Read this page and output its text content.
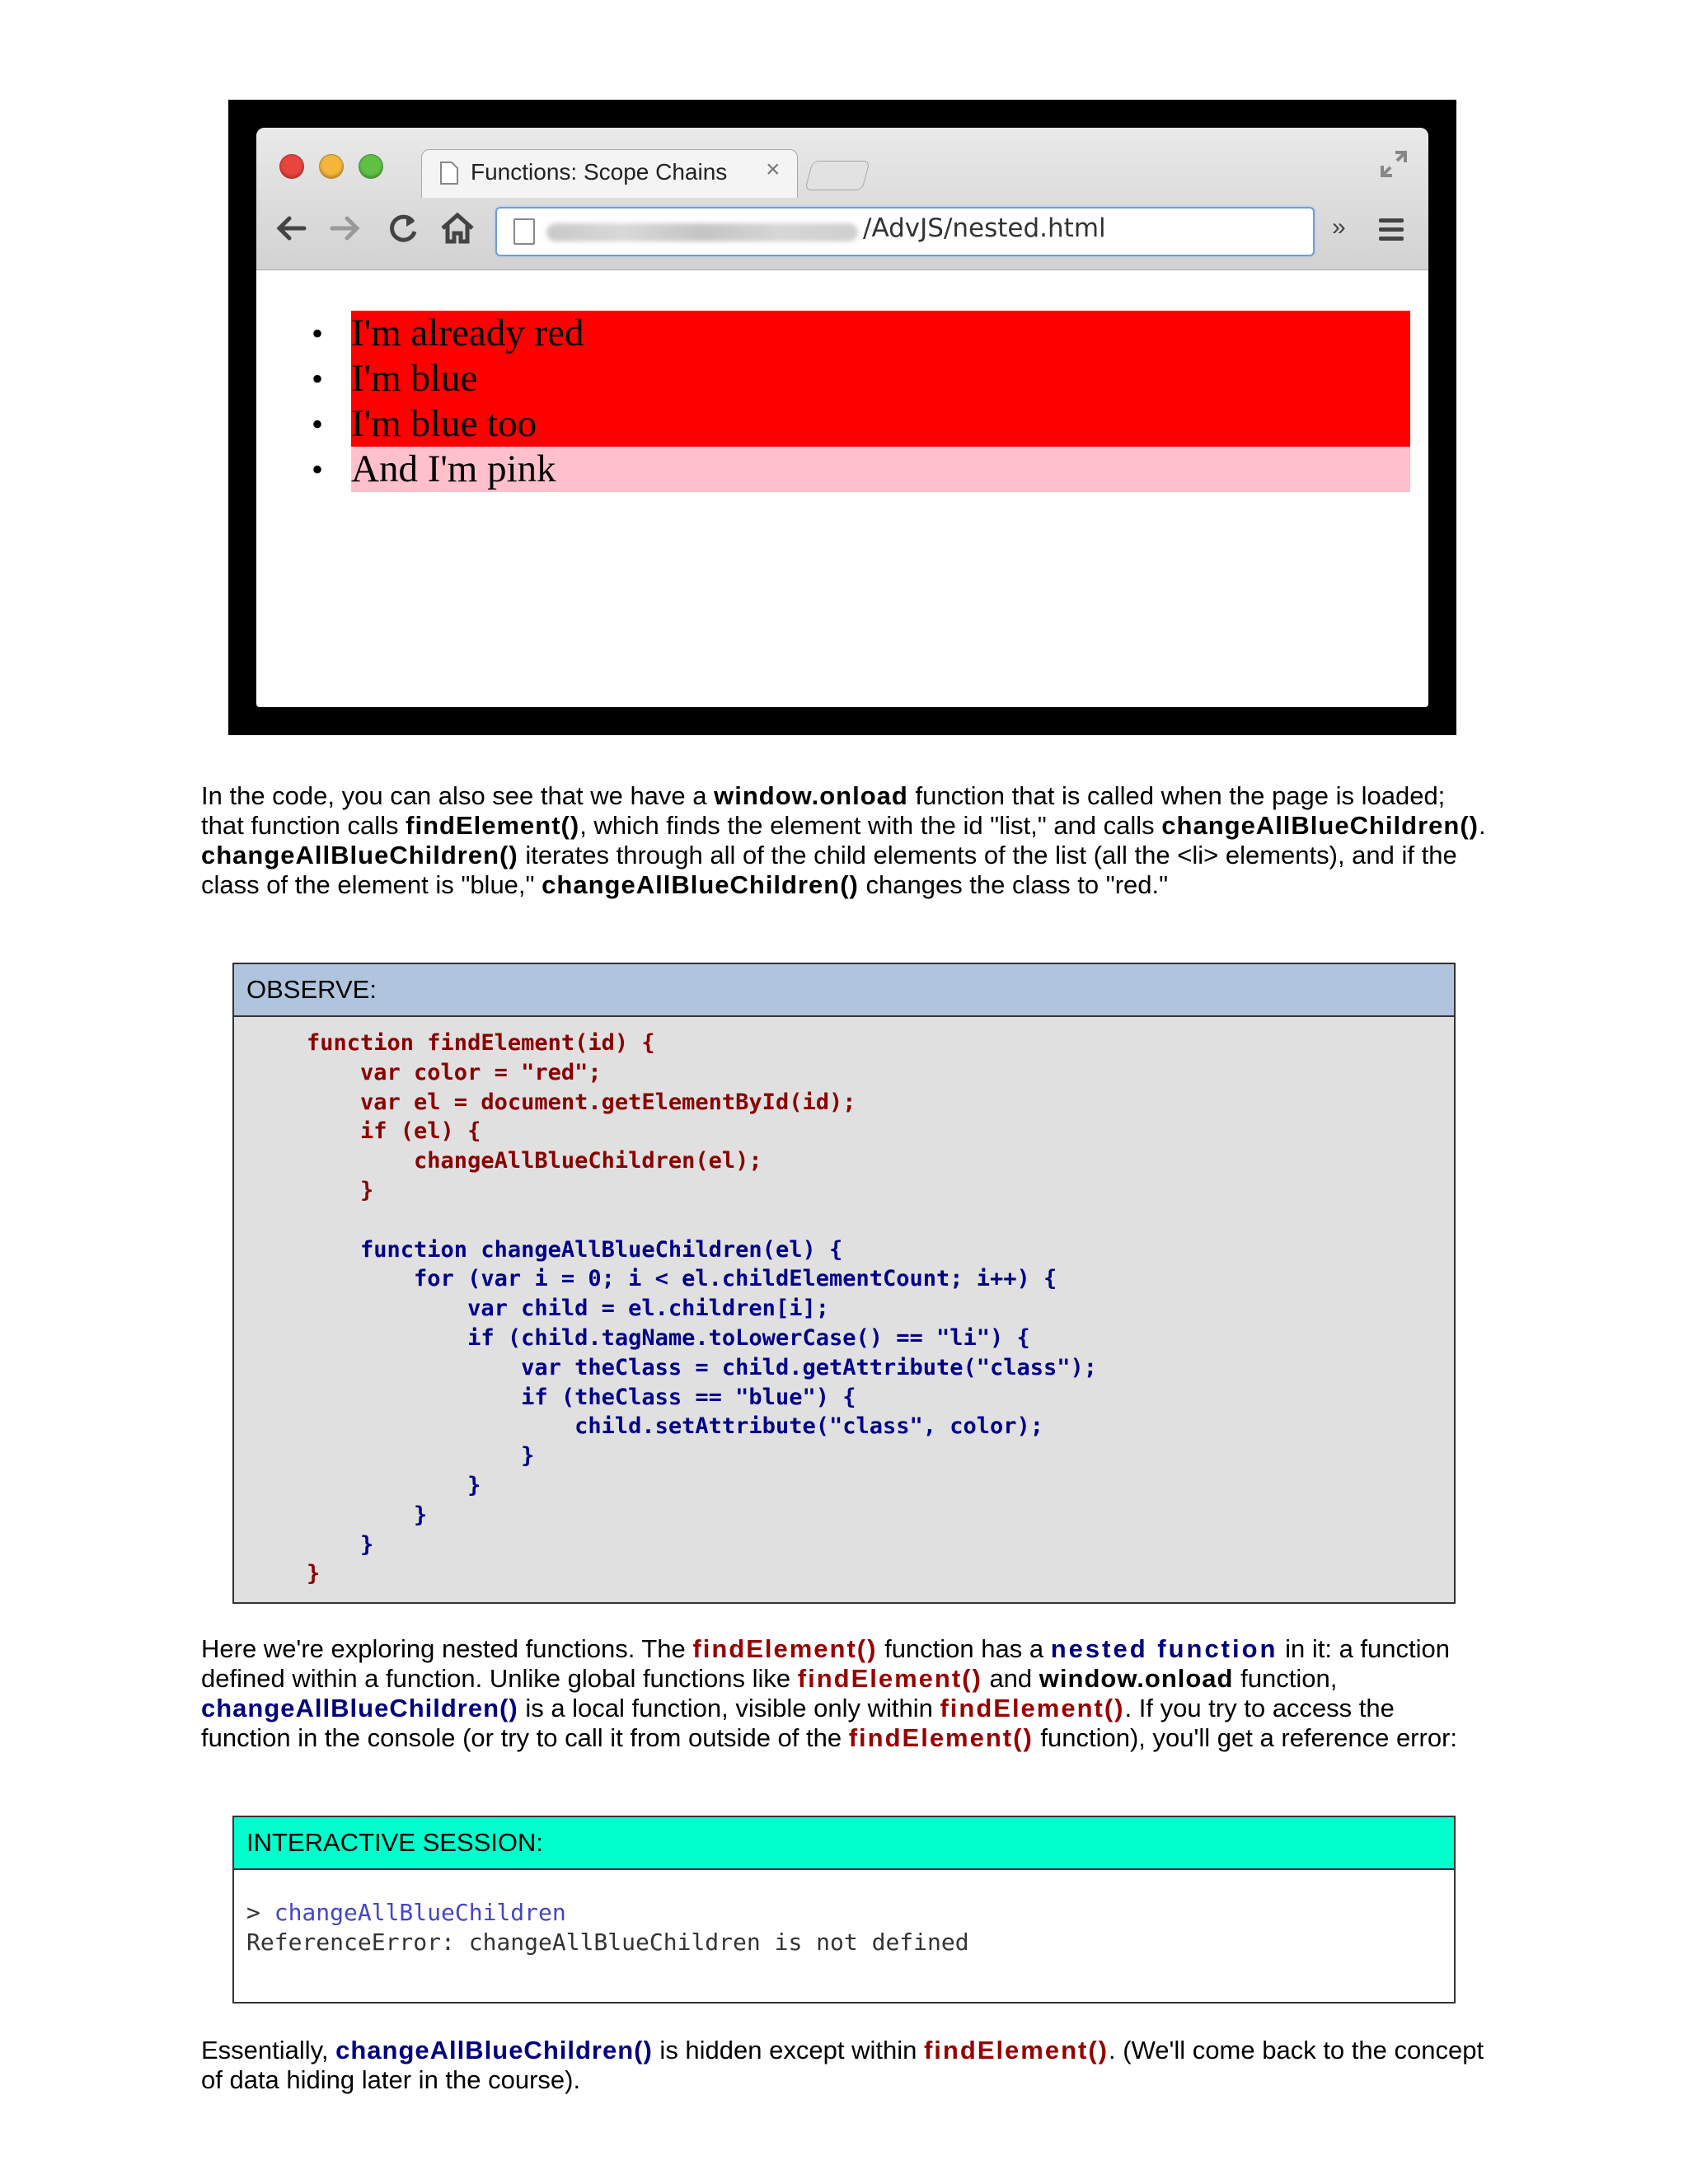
Functions: Scope Chains ×
/AdvJS/nested.html	»
• I'm already red
• I'm blue
• I'm blue too
• And I'm pink

In the code, you can also see that we have a window.onload function that is called when the page is loaded; that function calls findElement(), which finds the element with the id "list," and calls changeAllBlueChildren(). changeAllBlueChildren() iterates through all of the child elements of the list (all the <li> elements), and if the class of the element is "blue," changeAllBlueChildren() changes the class to "red."

OBSERVE:
function findElement(id) {
var color = "red";
var el = document.getElementById(id);
if (el) {
changeAllBlueChildren(el);
}

function changeAllBlueChildren(el) {
for (var i = 0; i < el.childElementCount; i++) {
var child = el.children[i];
if (child.tagName.toLowerCase() == "li") {
var theClass = child.getAttribute("class");
if (theClass == "blue") {
child.setAttribute("class", color);
}
}
}
}
}

Here we're exploring nested functions. The findElement() function has a nested function in it: a function defined within a function. Unlike global functions like findElement() and window.onload function, changeAllBlueChildren() is a local function, visible only within findElement(). If you try to access the function in the console (or try to call it from outside of the findElement() function), you'll get a reference error:

INTERACTIVE SESSION:
> changeAllBlueChildren
ReferenceError: changeAllBlueChildren is not defined

Essentially, changeAllBlueChildren() is hidden except within findElement(). (We'll come back to the concept of data hiding later in the course).
